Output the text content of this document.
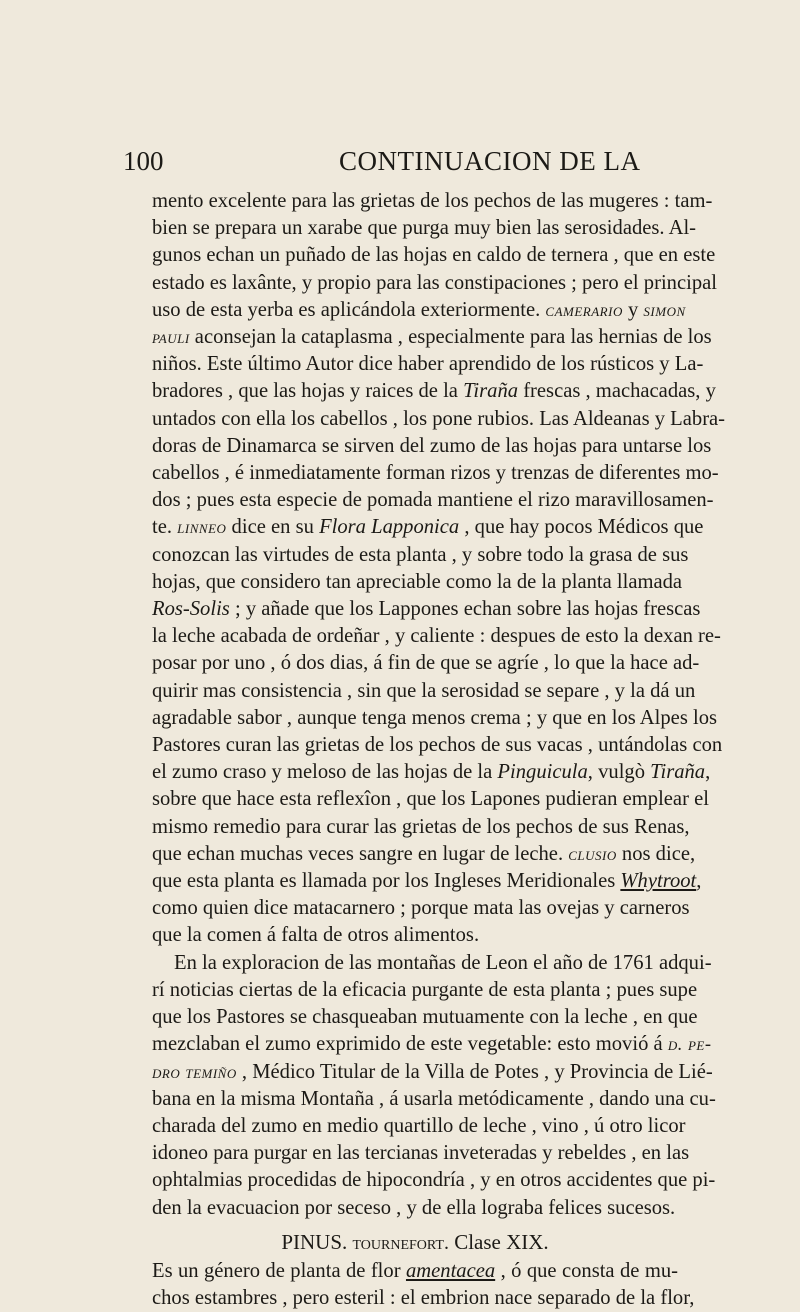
100	CONTINUACION DE LA
mento excelente para las grietas de los pechos de las mugeres : tam-
bien se prepara un xarabe que purga muy bien las serosidades. Al-
gunos echan un puñado de las hojas en caldo de ternera , que en este
estado es laxânte, y propio para las constipaciones ; pero el principal
uso de esta yerba es aplicándola exteriormente. camerario y simon
pauli aconsejan la cataplasma , especialmente para las hernias de los
niños. Este último Autor dice haber aprendido de los rústicos y La-
bradores , que las hojas y raices de la Tiraña frescas , machacadas, y
untados con ella los cabellos , los pone rubios. Las Aldeanas y Labra-
doras de Dinamarca se sirven del zumo de las hojas para untarse los
cabellos , é inmediatamente forman rizos y trenzas de diferentes mo-
dos ; pues esta especie de pomada mantiene el rizo maravillosamen-
te. linneo dice en su Flora Lapponica , que hay pocos Médicos que
conozcan las virtudes de esta planta , y sobre todo la grasa de sus
hojas, que considero tan apreciable como la de la planta llamada
Ros-Solis ; y añade que los Lappones echan sobre las hojas frescas
la leche acabada de ordeñar , y caliente : despues de esto la dexan re-
posar por uno , ó dos dias, á fin de que se agríe , lo que la hace ad-
quirir mas consistencia , sin que la serosidad se separe , y la dá un
agradable sabor , aunque tenga menos crema ; y que en los Alpes los
Pastores curan las grietas de los pechos de sus vacas , untándolas con
el zumo craso y meloso de las hojas de la Pinguicula, vulgò Tiraña,
sobre que hace esta reflexîon , que los Lapones pudieran emplear el
mismo remedio para curar las grietas de los pechos de sus Renas,
que echan muchas veces sangre en lugar de leche. clusio nos dice,
que esta planta es llamada por los Ingleses Meridionales Whytroot,
como quien dice matacarnero ; porque mata las ovejas y carneros
que la comen á falta de otros alimentos.
En la exploracion de las montañas de Leon el año de 1761 adqui-
rí noticias ciertas de la eficacia purgante de esta planta ; pues supe
que los Pastores se chasqueaban mutuamente con la leche , en que
mezclaban el zumo exprimido de este vegetable: esto movió á d. pe-
dro temiño , Médico Titular de la Villa de Potes , y Provincia de Lié-
bana en la misma Montaña , á usarla metódicamente , dando una cu-
charada del zumo en medio quartillo de leche , vino , ú otro licor
idoneo para purgar en las tercianas inveteradas y rebeldes , en las
ophtalmias procedidas de hipocondría , y en otros accidentes que pi-
den la evacuacion por seceso , y de ella lograba felices sucesos.
PINUS. tournefort. Clase XIX.
Es un género de planta de flor amentacea , ó que consta de mu-
chos estambres , pero esteril : el embrion nace separado de la flor,
